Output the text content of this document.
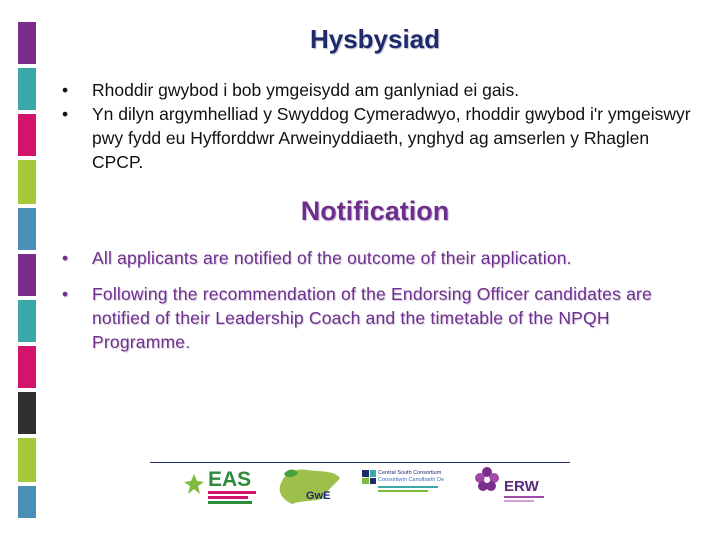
Hysbysiad
• Rhoddir gwybod i bob ymgeisydd am ganlyniad ei gais.
• Yn dilyn argymhelliad y Swyddog Cymeradwyo, rhoddir gwybod i'r ymgeiswyr pwy fydd eu Hyfforddwr Arweinyddiaeth, ynghyd ag amserlen y Rhaglen CPCP.
Notification
• All applicants are notified of the outcome of their application.
• Following the recommendation of the Endorsing Officer candidates are notified of their Leadership Coach and the timetable of the NPQH Programme.
EAS
GwE
Central South Consortium
Consortiwm Canolbarth De	ERW
